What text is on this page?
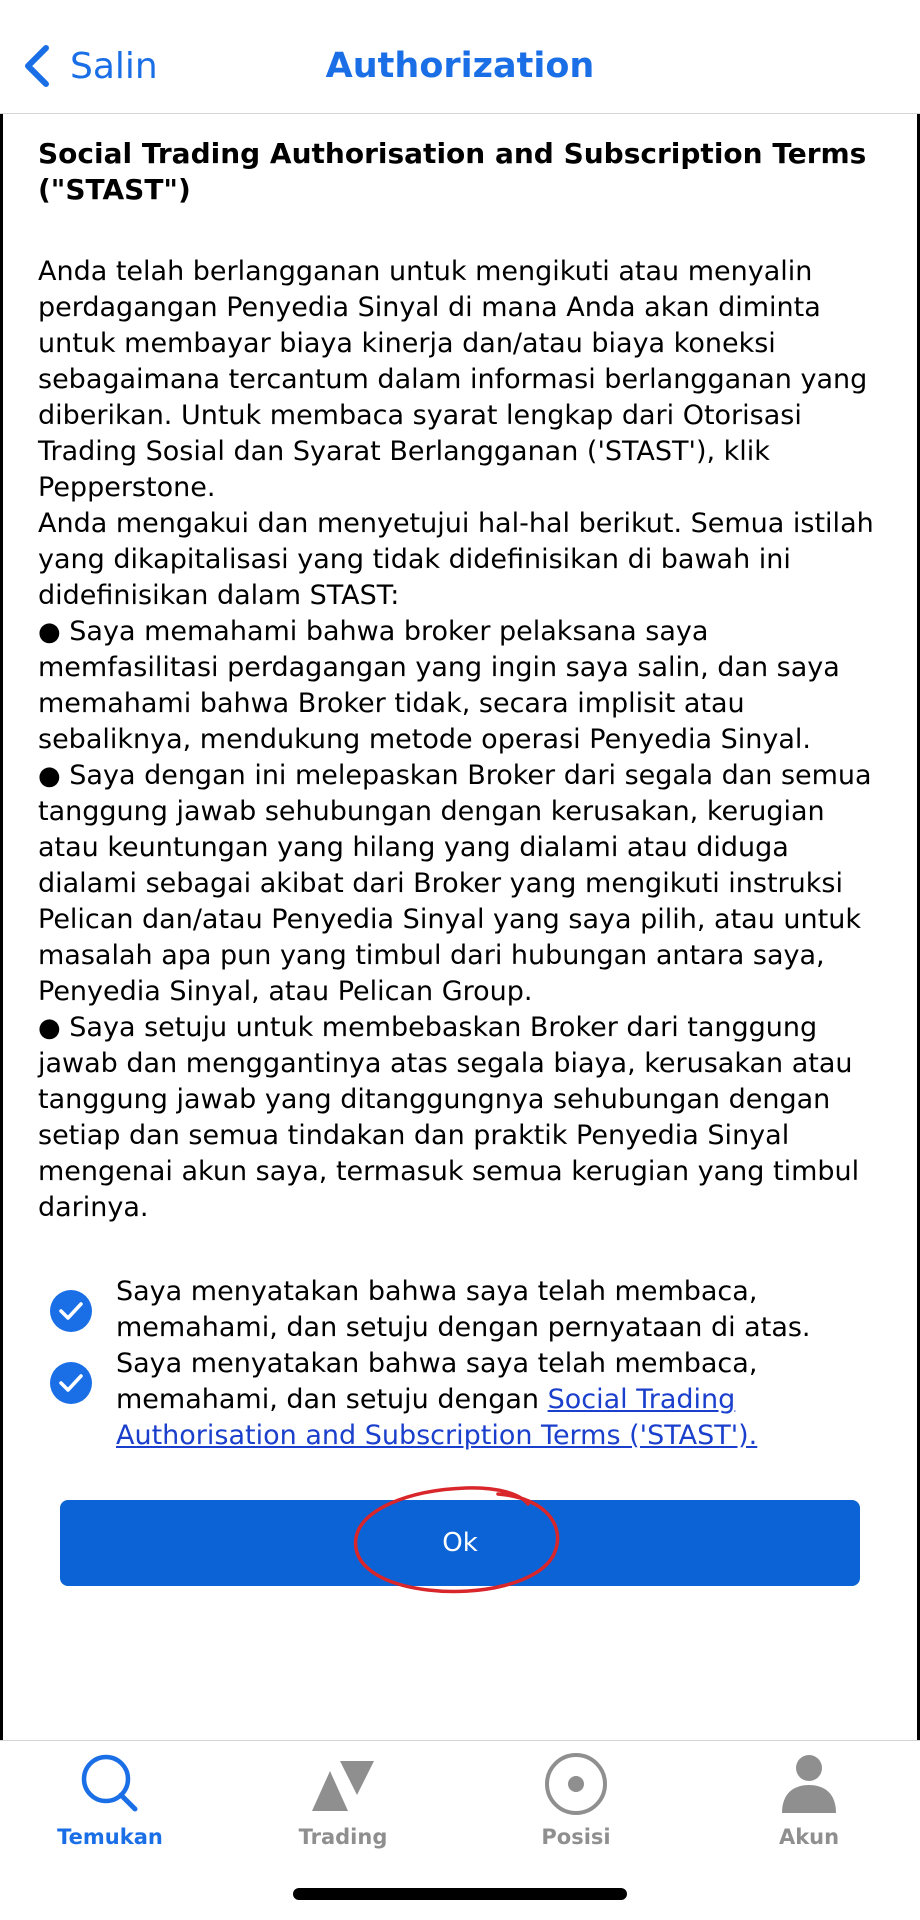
Salin	Authorization
Social Trading Authorisation and Subscription Terms ("STAST")

Anda telah berlangganan untuk mengikuti atau menyalin perdagangan Penyedia Sinyal di mana Anda akan diminta untuk membayar biaya kinerja dan/atau biaya koneksi sebagaimana tercantum dalam informasi berlangganan yang diberikan. Untuk membaca syarat lengkap dari Otorisasi Trading Sosial dan Syarat Berlangganan ('STAST'), klik Pepperstone.

Anda mengakui dan menyetujui hal-hal berikut. Semua istilah yang dikapitalisasi yang tidak didefinisikan di bawah ini didefinisikan dalam STAST:

● Saya memahami bahwa broker pelaksana saya memfasilitasi perdagangan yang ingin saya salin, dan saya memahami bahwa Broker tidak, secara implisit atau sebaliknya, mendukung metode operasi Penyedia Sinyal.

● Saya dengan ini melepaskan Broker dari segala dan semua tanggung jawab sehubungan dengan kerusakan, kerugian atau keuntungan yang hilang yang dialami atau diduga dialami sebagai akibat dari Broker yang mengikuti instruksi Pelican dan/atau Penyedia Sinyal yang saya pilih, atau untuk masalah apa pun yang timbul dari hubungan antara saya, Penyedia Sinyal, atau Pelican Group.

● Saya setuju untuk membebaskan Broker dari tanggung jawab dan menggantinya atas segala biaya, kerusakan atau tanggung jawab yang ditanggungnya sehubungan dengan setiap dan semua tindakan dan praktik Penyedia Sinyal mengenai akun saya, termasuk semua kerugian yang timbul darinya.

Saya menyatakan bahwa saya telah membaca, memahami, dan setuju dengan pernyataan di atas.
Saya menyatakan bahwa saya telah membaca, memahami, dan setuju dengan Social Trading Authorisation and Subscription Terms ('STAST').
Ok
Temukan	Trading	Posisi	Akun
